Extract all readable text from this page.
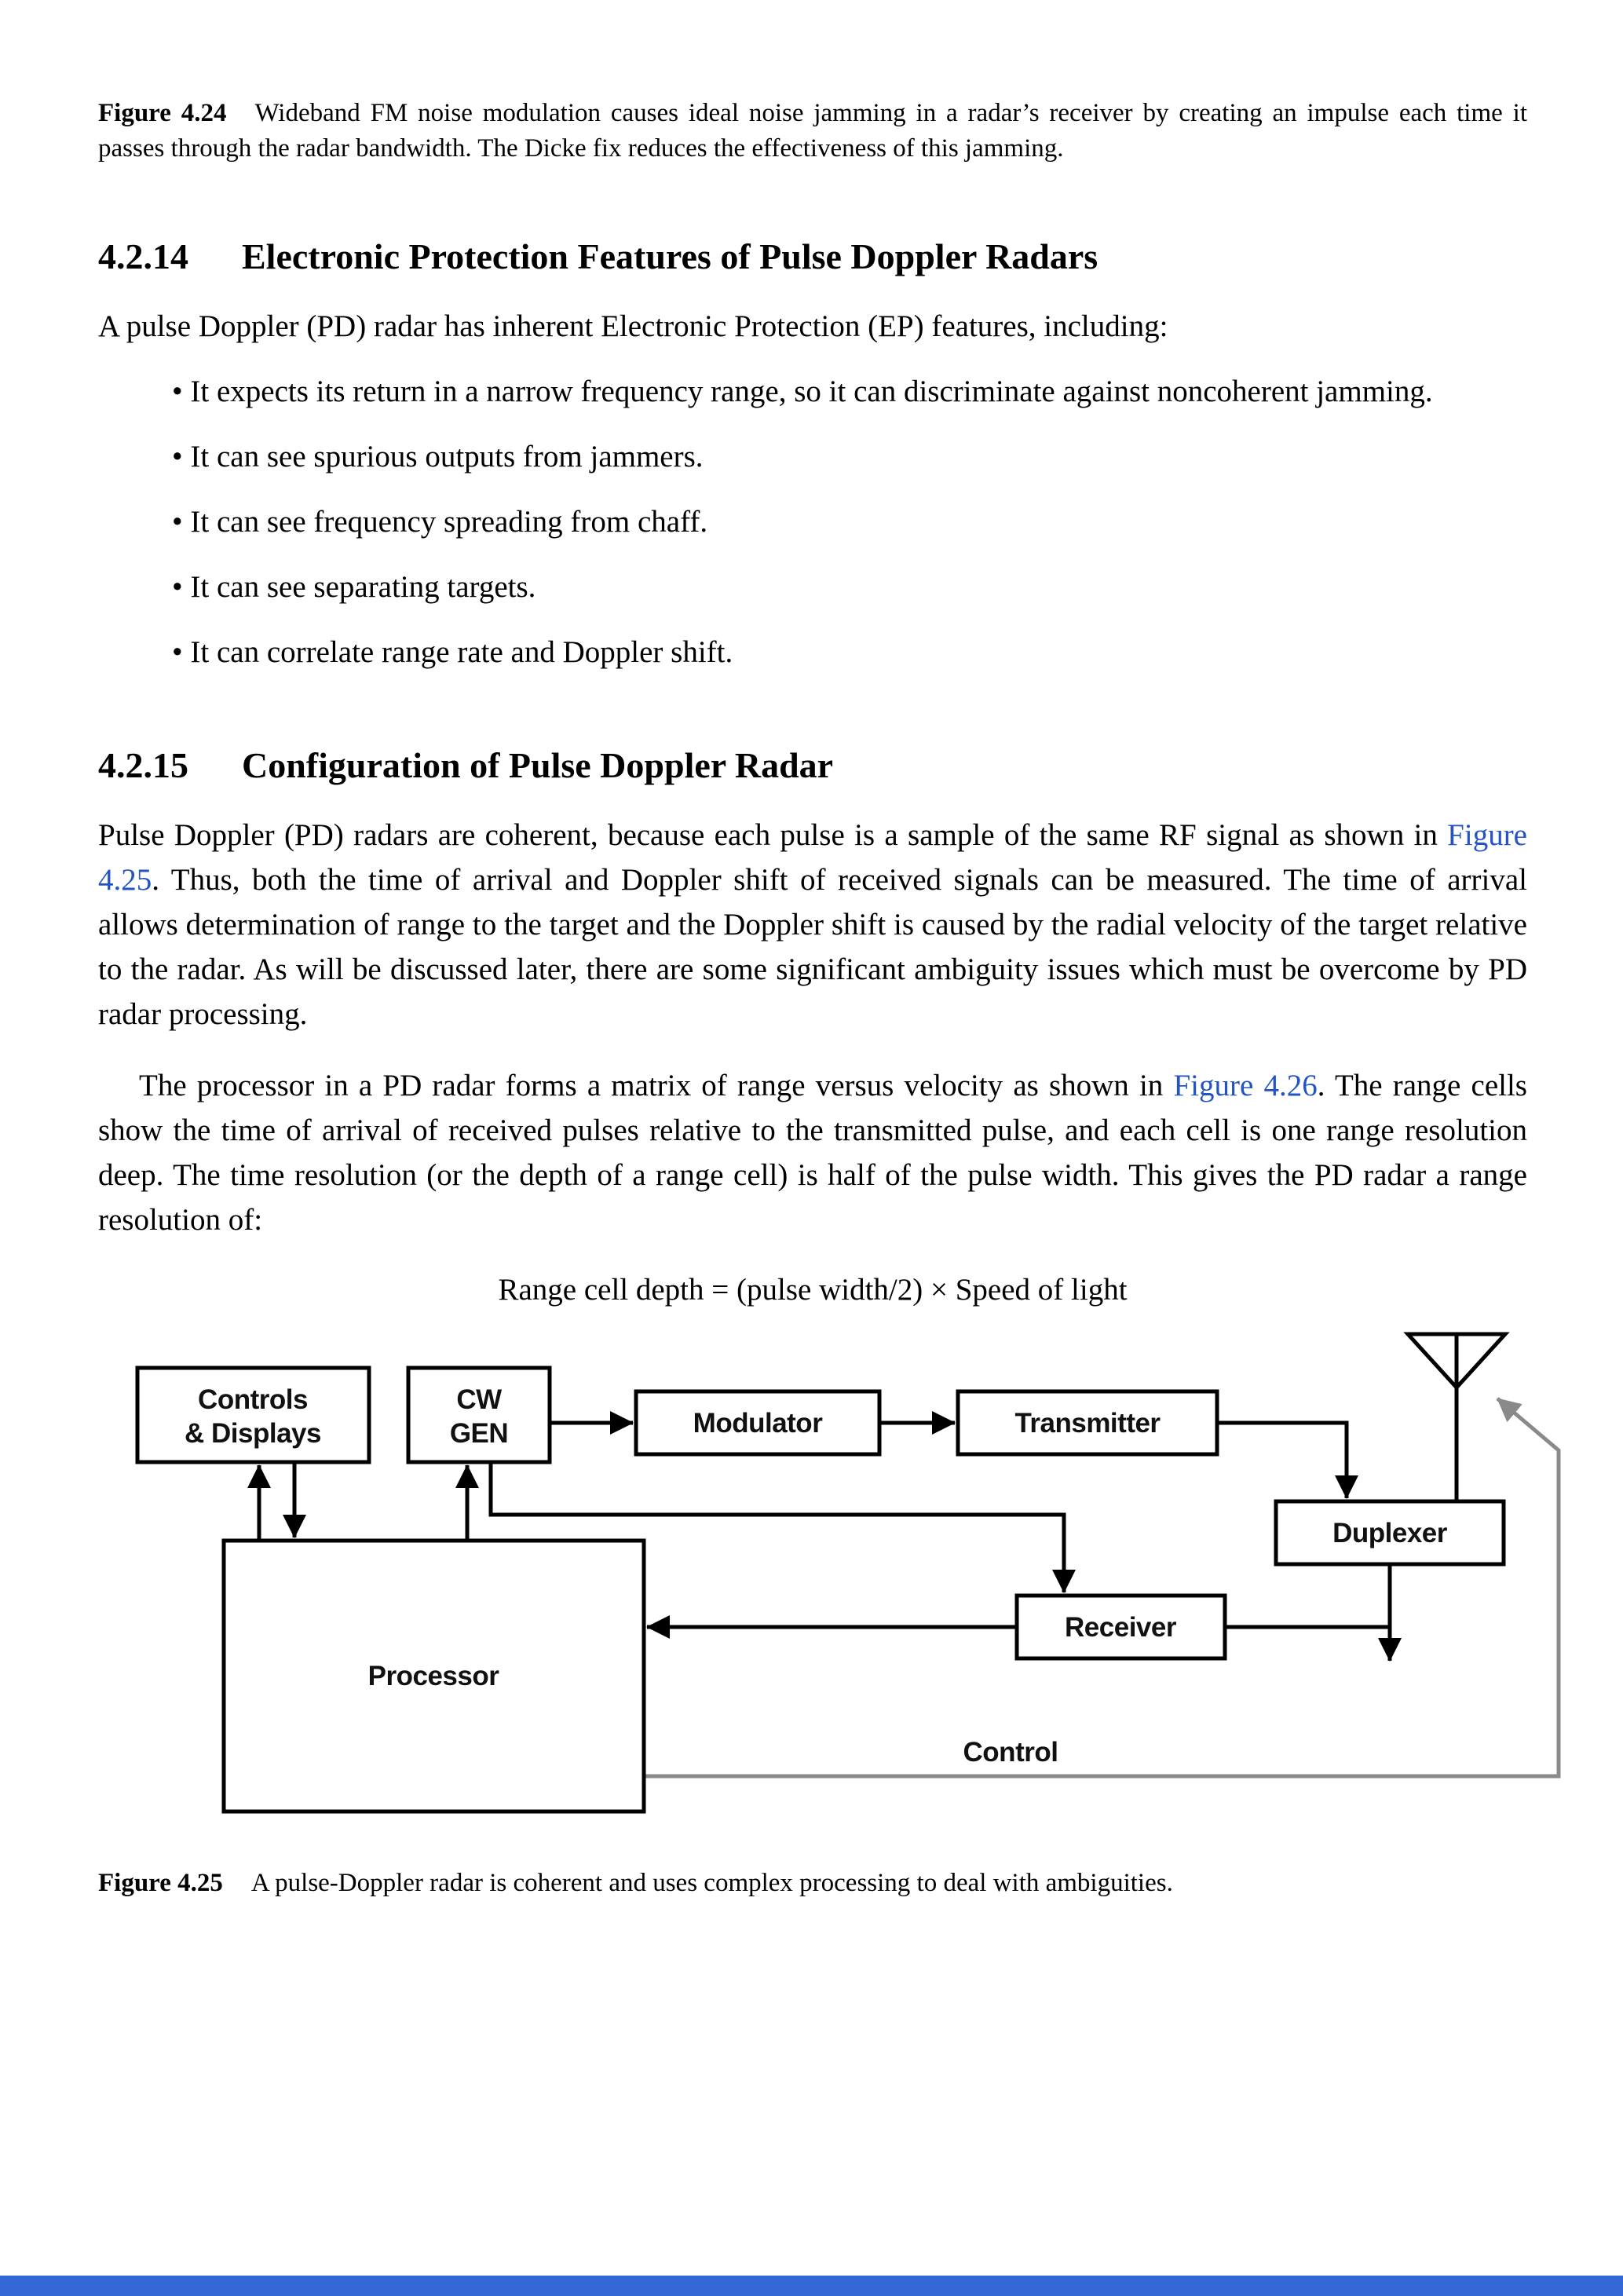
Figure 4.24 Wideband FM noise modulation causes ideal noise jamming in a radar’s receiver by creating an impulse each time it passes through the radar bandwidth. The Dicke fix reduces the effectiveness of this jamming.

4.2.14 Electronic Protection Features of Pulse Doppler Radars

A pulse Doppler (PD) radar has inherent Electronic Protection (EP) features, including:

• It expects its return in a narrow frequency range, so it can discriminate against noncoherent jamming.
• It can see spurious outputs from jammers.
• It can see frequency spreading from chaff.
• It can see separating targets.
• It can correlate range rate and Doppler shift.
4.2.15 Configuration of Pulse Doppler Radar

Pulse Doppler (PD) radars are coherent, because each pulse is a sample of the same RF signal as shown in Figure 4.25. Thus, both the time of arrival and Doppler shift of received signals can be measured. The time of arrival allows determination of range to the target and the Doppler shift is caused by the radial velocity of the target relative to the radar. As will be discussed later, there are some significant ambiguity issues which must be overcome by PD radar processing.

The processor in a PD radar forms a matrix of range versus velocity as shown in Figure 4.26. The range cells show the time of arrival of received pulses relative to the transmitted pulse, and each cell is one range resolution deep. The time resolution (or the depth of a range cell) is half of the pulse width. This gives the PD radar a range resolution of:

Range cell depth = (pulse width/2) × Speed of light

Controls
& Displays
CW
GEN	Modulator	Transmitter
Duplexer
Receiver
Processor
Control

Figure 4.25 A pulse-Doppler radar is coherent and uses complex processing to deal with ambiguities.
